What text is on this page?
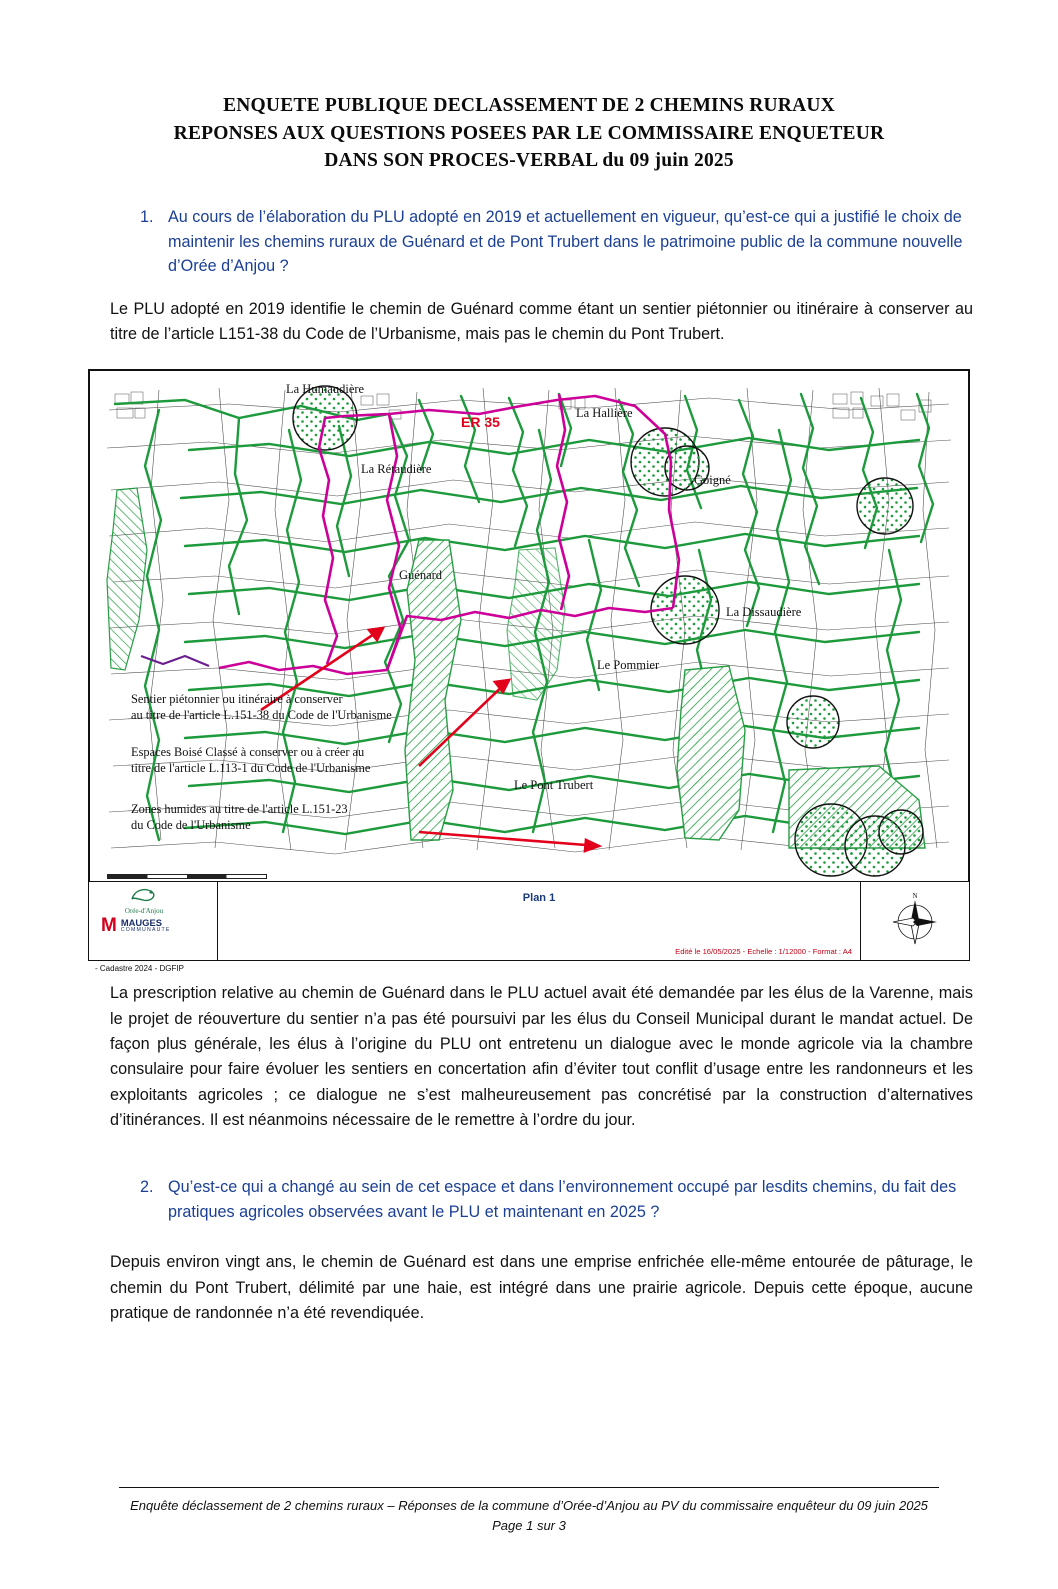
ENQUETE PUBLIQUE DECLASSEMENT DE 2 CHEMINS RURAUX
REPONSES AUX QUESTIONS POSEES PAR LE COMMISSAIRE ENQUETEUR
DANS SON PROCES-VERBAL du 09 juin 2025
1. Au cours de l’élaboration du PLU adopté en 2019 et actuellement en vigueur, qu’est-ce qui a justifié le choix de maintenir les chemins ruraux de Guénard et de Pont Trubert dans le patrimoine public de la commune nouvelle d’Orée d’Anjou ?
Le PLU adopté en 2019 identifie le chemin de Guénard comme étant un sentier piétonnier ou itinéraire à conserver au titre de l’article L151-38 du Code de l’Urbanisme, mais pas le chemin du Pont Trubert.
La Humaudière
La Hallière
La Rétaudière
ER 35
Goigné
Guénard
La Dissaudière
Le Pommier
Le Pont Trubert
Sentier piétonnier ou itinéraire à conserver
au titre de l'article L.151-38 du Code de l'Urbanisme
Espaces Boisé Classé à conserver ou à créer au
titre de l'article L.113-1 du Code de l'Urbanisme
Zones humides au titre de l'article L.151-23
du Code de l'Urbanisme
Orée-d'Anjou
M MAUGES
COMMUNAUTE
- Cadastre 2024 - DGFIP
Plan 1
Edité le 16/05/2025 - Echelle : 1/12000 - Format : A4
N
La prescription relative au chemin de Guénard dans le PLU actuel avait été demandée par les élus de la Varenne, mais le projet de réouverture du sentier n’a pas été poursuivi par les élus du Conseil Municipal durant le mandat actuel. De façon plus générale, les élus à l’origine du PLU ont entretenu un dialogue avec le monde agricole via la chambre consulaire pour faire évoluer les sentiers en concertation afin d’éviter tout conflit d’usage entre les randonneurs et les exploitants agricoles ; ce dialogue ne s’est malheureusement pas concrétisé par la construction d’alternatives d’itinérances. Il est néanmoins nécessaire de le remettre à l’ordre du jour.
2. Qu’est-ce qui a changé au sein de cet espace et dans l’environnement occupé par lesdits chemins, du fait des pratiques agricoles observées avant le PLU et maintenant en 2025 ?
Depuis environ vingt ans, le chemin de Guénard est dans une emprise enfrichée elle-même entourée de pâturage, le chemin du Pont Trubert, délimité par une haie, est intégré dans une prairie agricole. Depuis cette époque, aucune pratique de randonnée n’a été revendiquée.
Enquête déclassement de 2 chemins ruraux – Réponses de la commune d’Orée-d’Anjou au PV du commissaire enquêteur du 09 juin 2025
Page 1 sur 3
